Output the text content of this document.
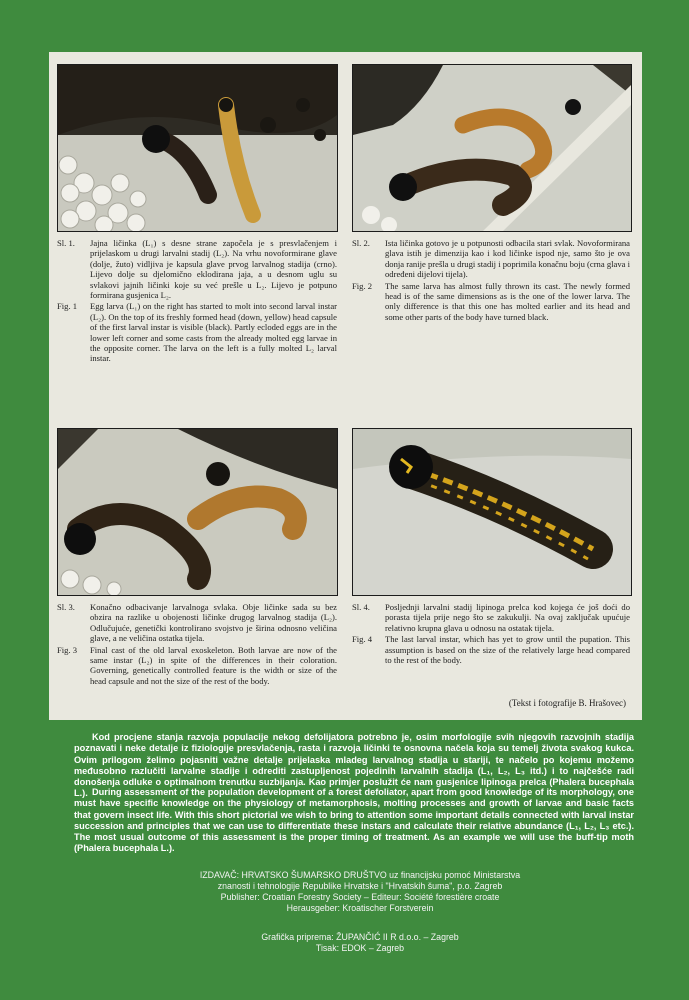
Sl. 1.	Jajna ličinka (L₁) s desne strane započela je s presvlačenjem i prijelaskom u drugi larvalni stadij (L₂). Na vrhu novoformirane glave (dolje, žuto) vidljiva je kapsula glave prvog larvalnog stadija (crno). Lijevo dolje su djelomično eklodirana jaja, a u desnom uglu su svlakovi jajnih ličinki koje su već prešle u L₂. Lijevo je potpuno formirana gusjenica L₂.
Fig. 1	Egg larva (L₁) on the right has started to molt into second larval instar (L₂). On the top of its freshly formed head (down, yellow) head capsule of the first larval instar is visible (black). Partly ecloded eggs are in the lower left corner and some casts from the already molted egg larvae in the opposite corner. The larva on the left is a fully molted L₂ larval instar.
Sl. 2.	Ista ličinka gotovo je u potpunosti odbacila stari svlak. Novoformirana glava istih je dimenzija kao i kod ličinke ispod nje, samo što je ova donja ranije prešla u drugi stadij i poprimila konačnu boju (crna glava i određeni dijelovi tijela).
Fig. 2	The same larva has almost fully thrown its cast. The newly formed head is of the same dimensions as is the one of the lower larva. The only difference is that this one has molted earlier and its head and some other parts of the body have turned black.
Sl. 3.	Konačno odbacivanje larvalnoga svlaka. Obje ličinke sada su bez obzira na razlike u obojenosti ličinke drugog larvalnog stadija (L₂). Odlučujuće, genetički kontrolirano svojstvo je širina odnosno veličina glave, a ne veličina ostatka tijela.
Fig. 3	Final cast of the old larval exoskeleton. Both larvae are now of the same instar (L₂) in spite of the differences in their coloration. Governing, genetically controlled feature is the width or size of the head capsule and not the size of the rest of the body.
Sl. 4.	Posljednji larvalni stadij lipinoga prelca kod kojega će još doći do porasta tijela prije nego što se zakukulji. Na ovaj zaključak upućuje relativno krupna glava u odnosu na ostatak tijela.
Fig. 4	The last larval instar, which has yet to grow until the pupation. This assumption is based on the size of the relatively large head compared to the rest of the body.
(Tekst i fotografije B. Hrašovec)

Kod procjene stanja razvoja populacije nekog defolijatora potrebno je, osim morfologije svih njegovih razvojnih stadija poznavati i neke detalje iz fiziologije presvlačenja, rasta i razvoja ličinki te osnovna načela koja su temelj života svakog kukca. Ovim prilogom želimo pojasniti važne detalje prijelaska mladeg larvalnog stadija u stariji, te načelo po kojemu možemo međusobno razlučiti larvalne stadije i odrediti zastupljenost pojedinih larvalnih stadija (L₁, L₂, L₃ itd.) i to najčešće radi donošenja odluke o optimalnom trenutku suzbijanja. Kao primjer poslužit će nam gusjenice lipinoga prelca (Phalera bucephala L.). During assessment of the population development of a forest defoliator, apart from good knowledge of its morphology, one must have specific knowledge on the physiology of metamorphosis, molting processes and growth of larvae and basic facts that govern insect life. With this short pictorial we wish to bring to attention some important details connected with larval instar succession and principles that we can use to differentiate these instars and calculate their relative abundance (L₁, L₂, L₃ etc.). The most usual outcome of this assessment is the proper timing of treatment. As an example we will use the buff-tip moth (Phalera bucephala L.).

IZDAVAČ: HRVATSKO ŠUMARSKO DRUŠTVO uz financijsku pomoć Ministarstva
znanosti i tehnologije Republike Hrvatske i "Hrvatskih šuma", p.o. Zagreb
Publisher: Croatian Forestry Society – Editeur: Société forestière croate
Herausgeber: Kroatischer Forstverein
Grafička priprema: ŽUPANČIĆ II R d.o.o. – Zagreb
Tisak: EDOK – Zagreb
